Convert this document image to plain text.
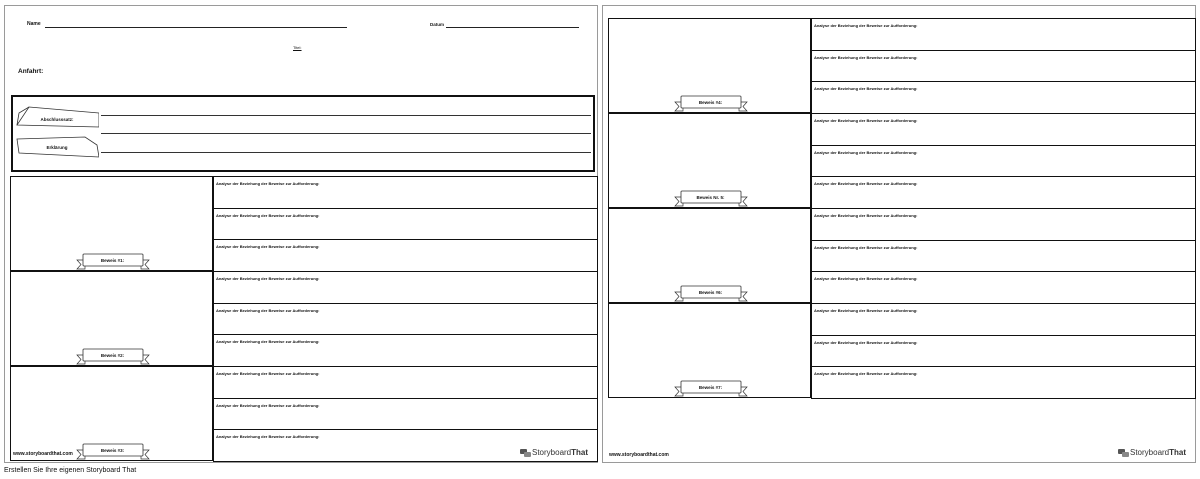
Name	Datum
Titel:
Anfahrt:
Abschlusssatz:
Erklärung
Beweis #1:
Analyse der Beziehung der Beweise zur Aufforderung:
Analyse der Beziehung der Beweise zur Aufforderung:
Analyse der Beziehung der Beweise zur Aufforderung:
Beweis #2:
Analyse der Beziehung der Beweise zur Aufforderung:
Analyse der Beziehung der Beweise zur Aufforderung:
Analyse der Beziehung der Beweise zur Aufforderung:
Beweis #3:
Analyse der Beziehung der Beweise zur Aufforderung:
Analyse der Beziehung der Beweise zur Aufforderung:
Analyse der Beziehung der Beweise zur Aufforderung:
www.storyboardthat.com	Storyboard That
Beweis #4:
Analyse der Beziehung der Beweise zur Aufforderung:
Analyse der Beziehung der Beweise zur Aufforderung:
Analyse der Beziehung der Beweise zur Aufforderung:
Beweis Nr. 5:
Analyse der Beziehung der Beweise zur Aufforderung:
Analyse der Beziehung der Beweise zur Aufforderung:
Analyse der Beziehung der Beweise zur Aufforderung:
Beweis #6:
Analyse der Beziehung der Beweise zur Aufforderung:
Analyse der Beziehung der Beweise zur Aufforderung:
Analyse der Beziehung der Beweise zur Aufforderung:
Beweis #7:
Analyse der Beziehung der Beweise zur Aufforderung:
Analyse der Beziehung der Beweise zur Aufforderung:
Analyse der Beziehung der Beweise zur Aufforderung:
www.storyboardthat.com	Storyboard That
Erstellen Sie Ihre eigenen Storyboard That
